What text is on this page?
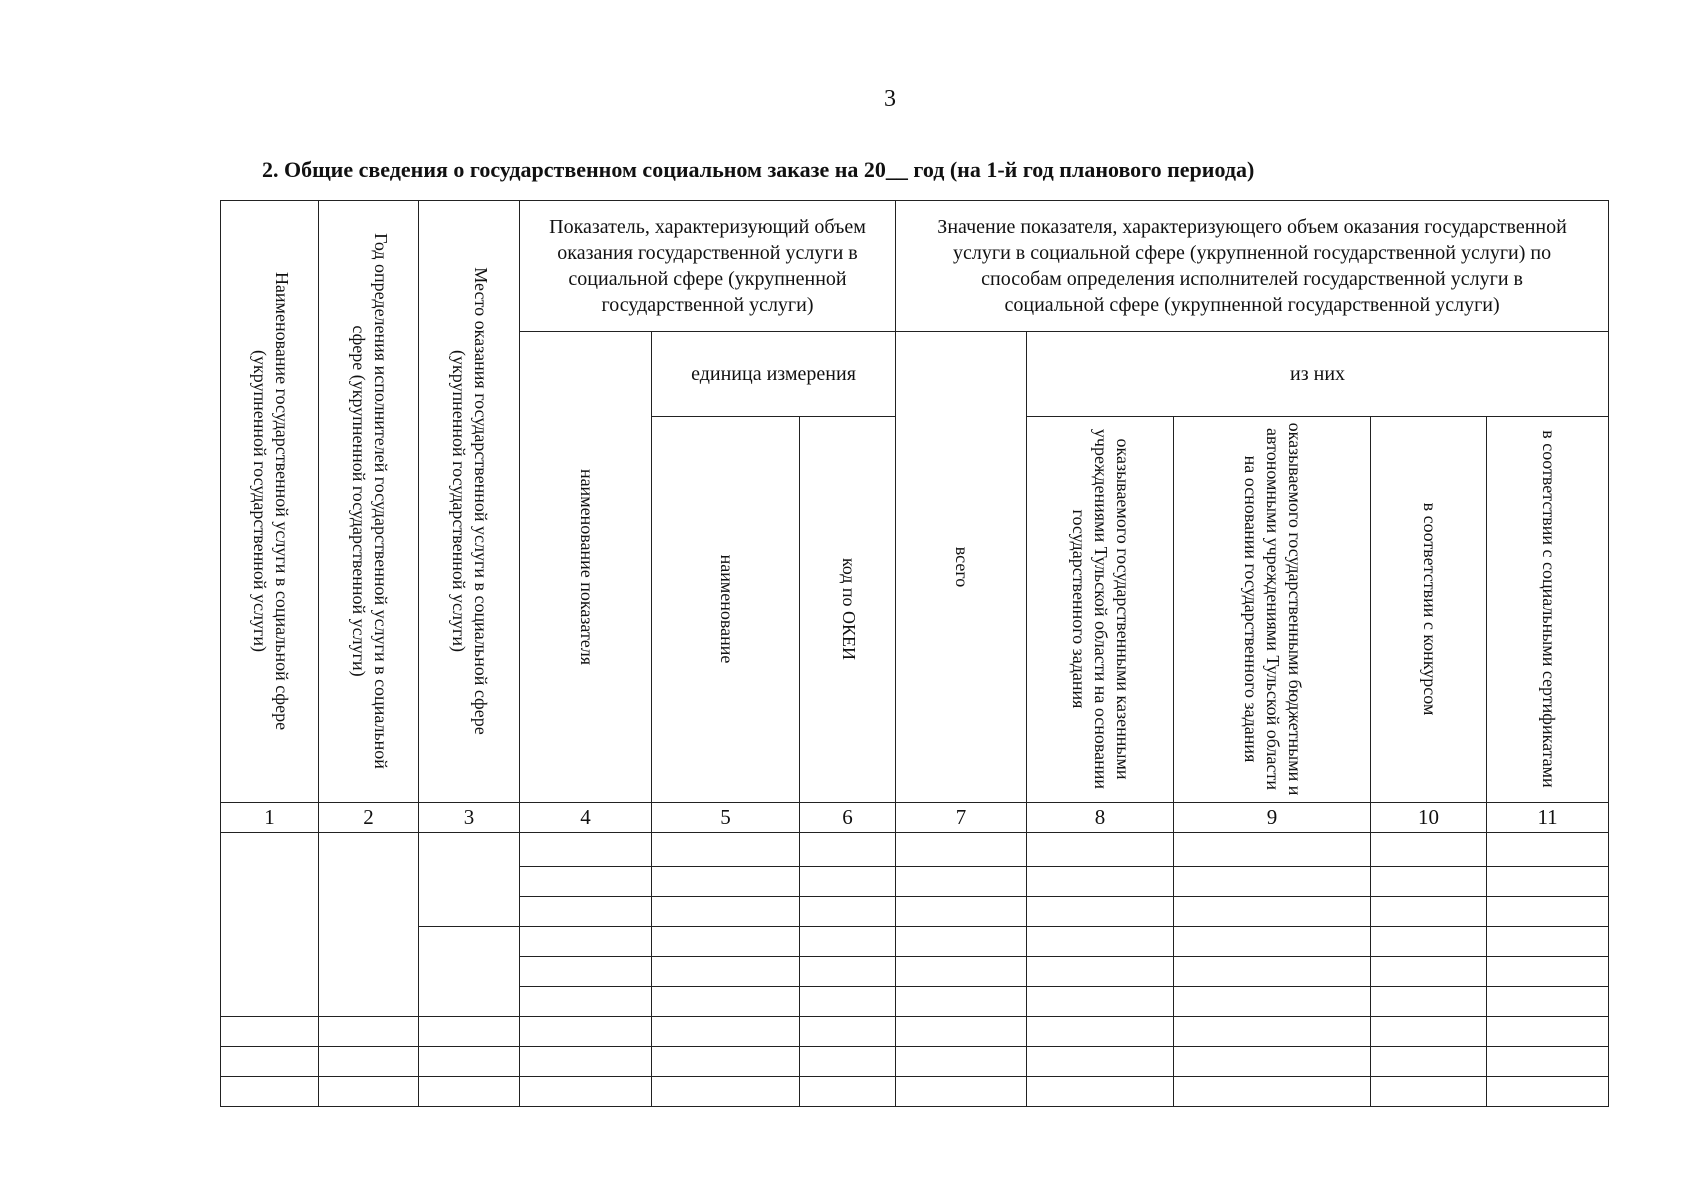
3
2. Общие сведения о государственном социальном заказе на 20__ год (на 1-й год планового периода)
Наименование государственной услуги в социальной сфере (укрупненной государственной услуги)	Год определения исполнителей государственной услуги в социальной сфере (укрупненной государственной услуги)	Место оказания государственной услуги в социальной сфере (укрупненной государственной услуги)	Показатель, характеризующий объем оказания государственной услуги в социальной сфере (укрупненной государственной услуги)			Значение показателя, характеризующего объем оказания государственной услуги в социальной сфере (укрупненной государственной услуги) по способам определения исполнителей государственной услуги в социальной сфере (укрупненной государственной услуги)				

			наименование показателя	единица измерения		всего	из них			

				наименование	код по ОКЕИ		оказываемого государственными казенными учреждениями Тульской области на основании государственного задания	оказываемого государственными бюджетными и автономными учреждениями Тульской области на основании государственного задания	в соответствии с конкурсом	в соответствии с социальными сертификатами

1	2	3	4	5	6	7	8	9	10	11
